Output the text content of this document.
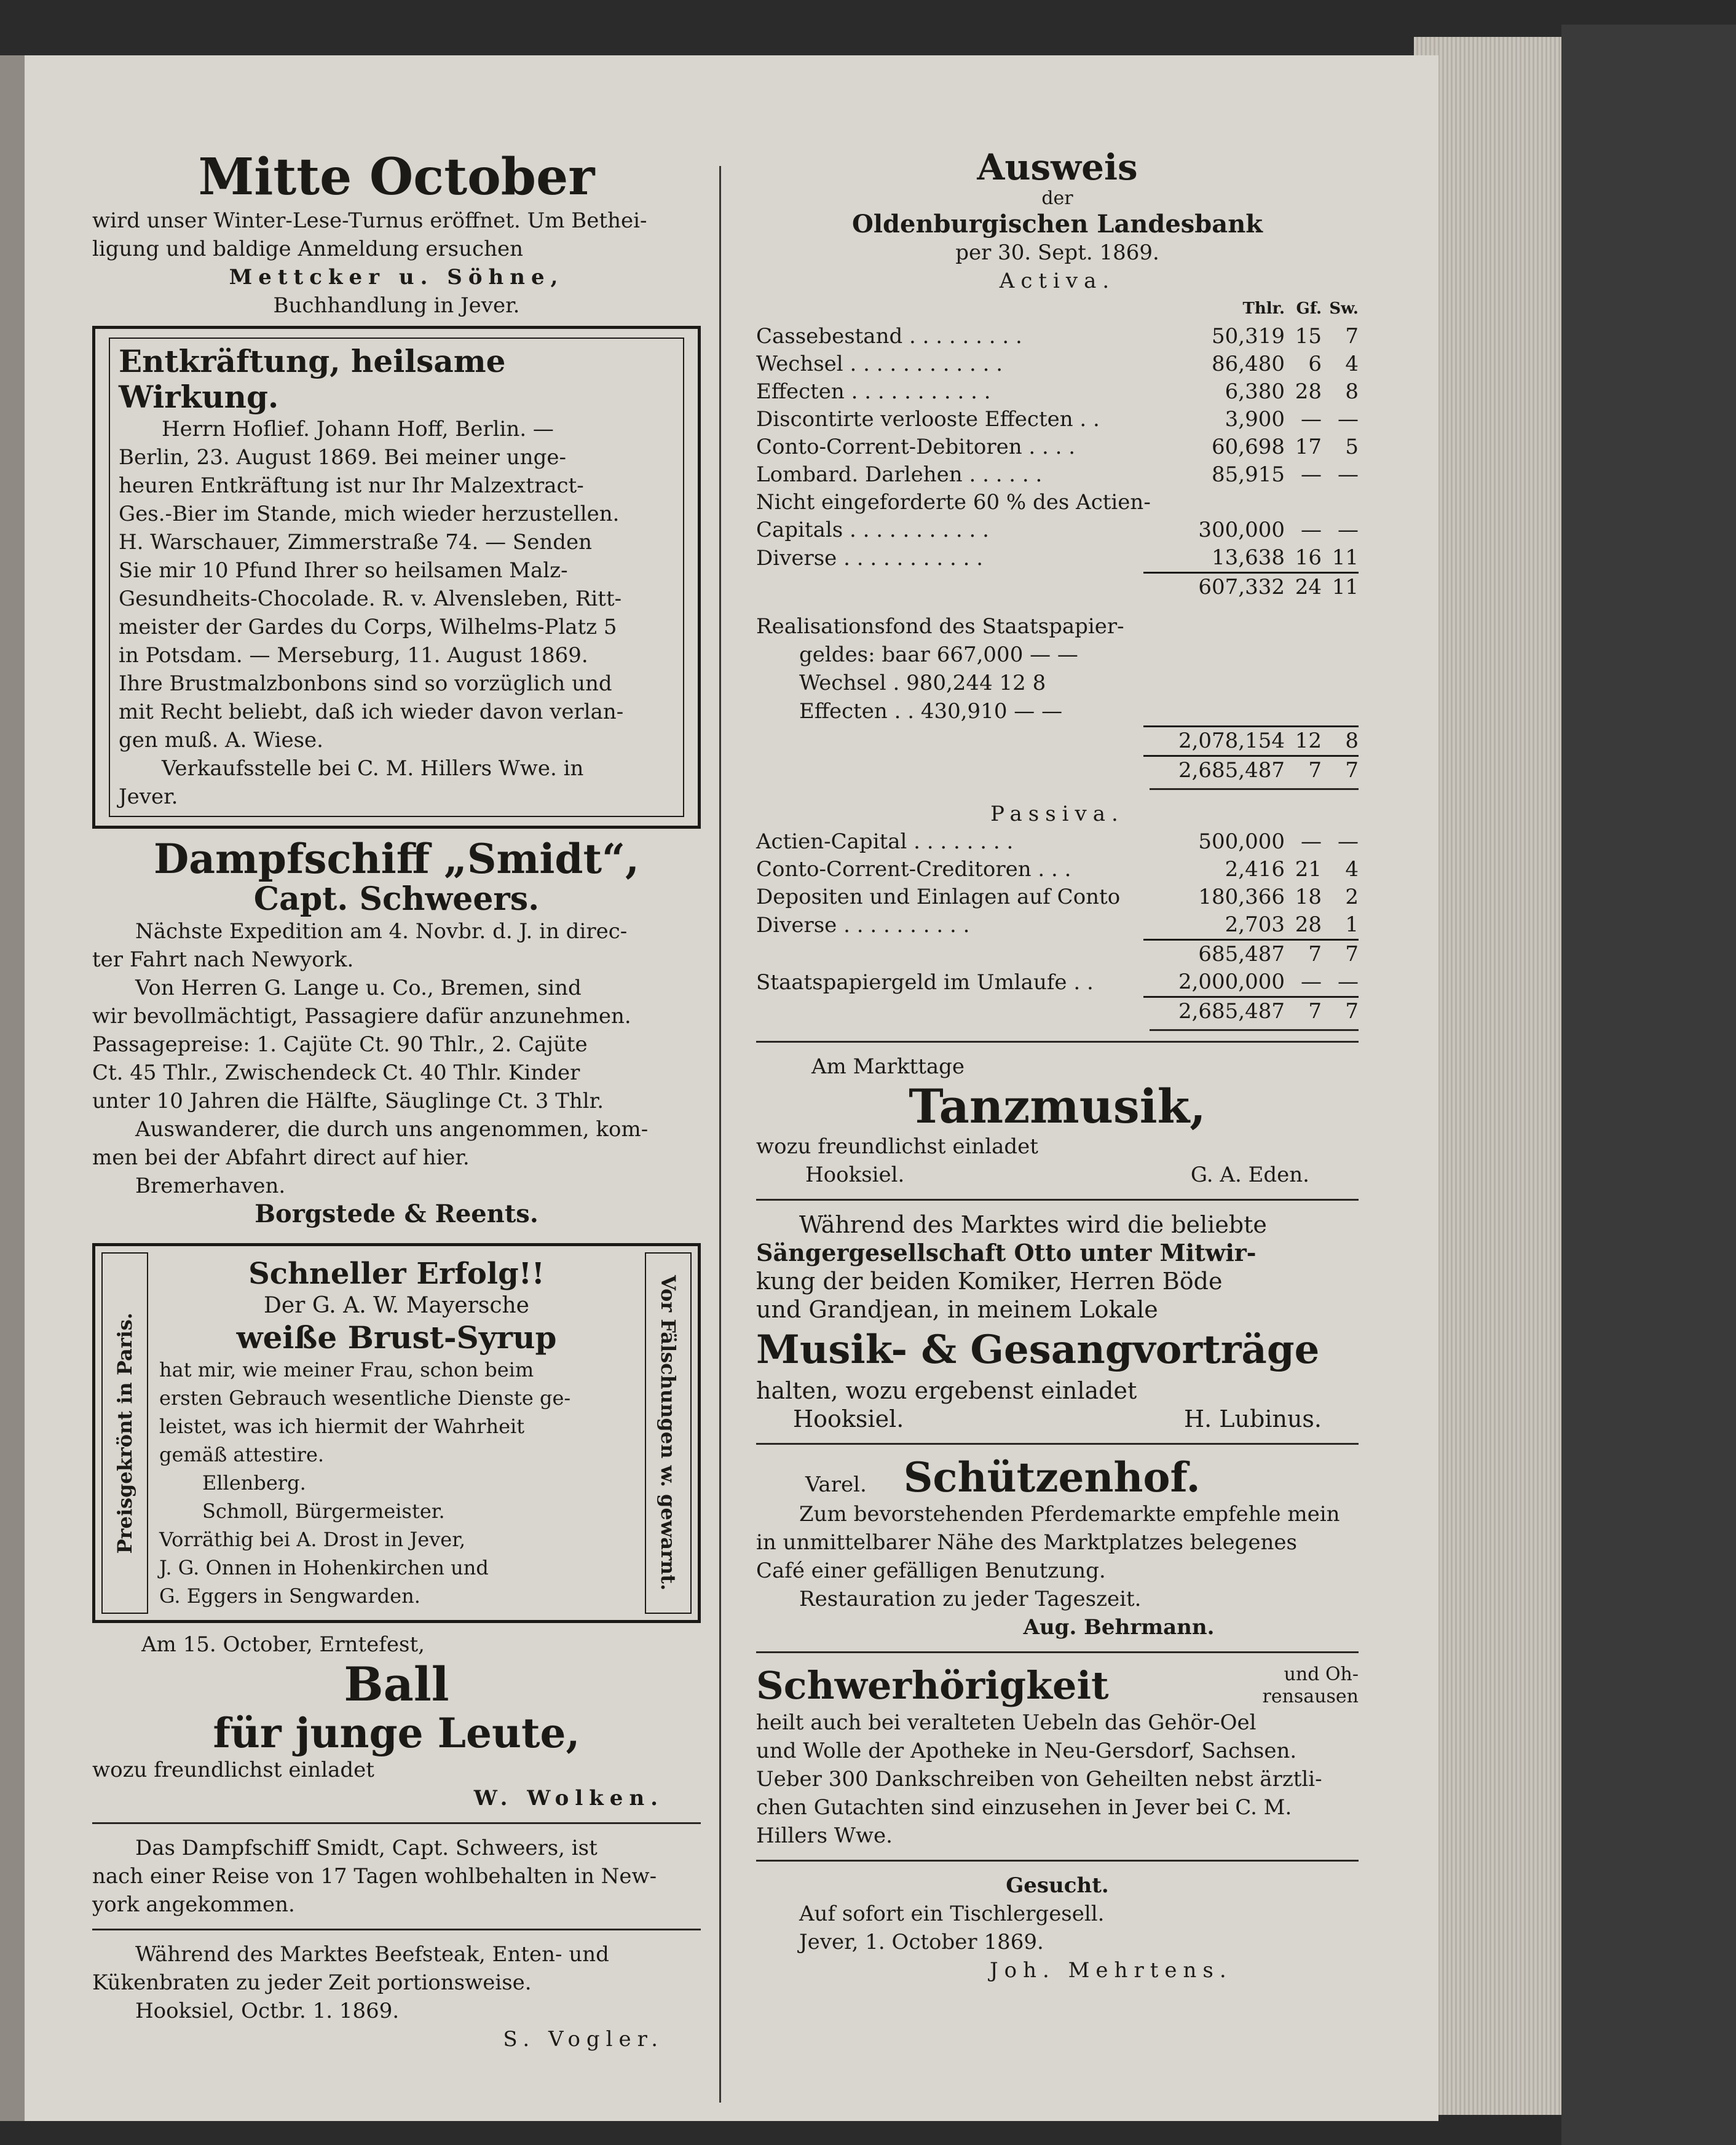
Mitte October
wird unser Winter-Lese-Turnus eröffnet. Um Bethei-
ligung und baldige Anmeldung ersuchen
Mettcker u. Söhne,
Buchhandlung in Jever.
Entkräftung, heilsame Wirkung.
Herrn Hoflief. Johann Hoff, Berlin. —
Berlin, 23. August 1869. Bei meiner unge-
heuren Entkräftung ist nur Ihr Malzextract-
Ges.-Bier im Stande, mich wieder herzustellen.
H. Warschauer, Zimmerstraße 74. — Senden
Sie mir 10 Pfund Ihrer so heilsamen Malz-
Gesundheits-Chocolade. R. v. Alvensleben, Ritt-
meister der Gardes du Corps, Wilhelms-Platz 5
in Potsdam. — Merseburg, 11. August 1869.
Ihre Brustmalzbonbons sind so vorzüglich und
mit Recht beliebt, daß ich wieder davon verlan-
gen muß. A. Wiese.
Verkaufsstelle bei C. M. Hillers Wwe. in
Jever.
Dampfschiff „Smidt“,
Capt. Schweers.
Nächste Expedition am 4. Novbr. d. J. in direc-
ter Fahrt nach Newyork.
Von Herren G. Lange u. Co., Bremen, sind
wir bevollmächtigt, Passagiere dafür anzunehmen.
Passagepreise: 1. Cajüte Ct. 90 Thlr., 2. Cajüte
Ct. 45 Thlr., Zwischendeck Ct. 40 Thlr. Kinder
unter 10 Jahren die Hälfte, Säuglinge Ct. 3 Thlr.
Auswanderer, die durch uns angenommen, kom-
men bei der Abfahrt direct auf hier.
Bremerhaven.
Borgstede & Reents.
Preisgekrönt in Paris.
Schneller Erfolg!!
Der G. A. W. Mayersche
weiße Brust-Syrup
hat mir, wie meiner Frau, schon beim
ersten Gebrauch wesentliche Dienste ge-
leistet, was ich hiermit der Wahrheit
gemäß attestire.
Ellenberg.
Schmoll, Bürgermeister.
Vorräthig bei A. Drost in Jever,
J. G. Onnen in Hohenkirchen und
G. Eggers in Sengwarden.
Vor Fälschungen w. gewarnt.
Am 15. October, Erntefest,
Ball
für junge Leute,
wozu freundlichst einladet
W. Wolken.
Das Dampfschiff Smidt, Capt. Schweers, ist
nach einer Reise von 17 Tagen wohlbehalten in New-
york angekommen.
Während des Marktes Beefsteak, Enten- und
Kükenbraten zu jeder Zeit portionsweise.
Hooksiel, Octbr. 1. 1869.
S. Vogler.
Ausweis
der
Oldenburgischen Landesbank
per 30. Sept. 1869.
Activa.
	Thlr.	Gf.	Sw.
Cassebestand . . . . . . . . .	50,319	15	7
Wechsel . . . . . . . . . . . .	86,480	6	4
Effecten . . . . . . . . . . .	6,380	28	8
Discontirte verlooste Effecten . .	3,900	—	—
Conto-Corrent-Debitoren . . . .	60,698	17	5
Lombard. Darlehen . . . . . .	85,915	—	—
Nicht eingeforderte 60 % des Actien-			
Capitals . . . . . . . . . . .	300,000	—	—
Diverse . . . . . . . . . . .	13,638	16	11
	607,332	24	11
Realisationsfond des Staatspapier-
geldes: baar 667,000 — —
Wechsel . 980,244 12 8
Effecten . . 430,910 — —
	2,078,154	12	8
	2,685,487	7	7
Passiva.
Actien-Capital . . . . . . . .	500,000	—	—
Conto-Corrent-Creditoren . . .	2,416	21	4
Depositen und Einlagen auf Conto	180,366	18	2
Diverse . . . . . . . . . .	2,703	28	1
	685,487	7	7
Staatspapiergeld im Umlaufe . .	2,000,000	—	—
	2,685,487	7	7
Am Markttage
Tanzmusik,
wozu freundlichst einladet
Hooksiel.	G. A. Eden.
Während des Marktes wird die beliebte
Sängergesellschaft Otto unter Mitwir-
kung der beiden Komiker, Herren Böde
und Grandjean, in meinem Lokale
Musik- & Gesangvorträge
halten, wozu ergebenst einladet
Hooksiel.	H. Lubinus.
Varel. Schützenhof.
Zum bevorstehenden Pferdemarkte empfehle mein
in unmittelbarer Nähe des Marktplatzes belegenes
Café einer gefälligen Benutzung.
Restauration zu jeder Tageszeit.
Aug. Behrmann.
Schwerhörigkeit	und Oh-
rensausen
heilt auch bei veralteten Uebeln das Gehör-Oel
und Wolle der Apotheke in Neu-Gersdorf, Sachsen.
Ueber 300 Dankschreiben von Geheilten nebst ärztli-
chen Gutachten sind einzusehen in Jever bei C. M.
Hillers Wwe.
Gesucht.
Auf sofort ein Tischlergesell.
Jever, 1. October 1869.
Joh. Mehrtens.
